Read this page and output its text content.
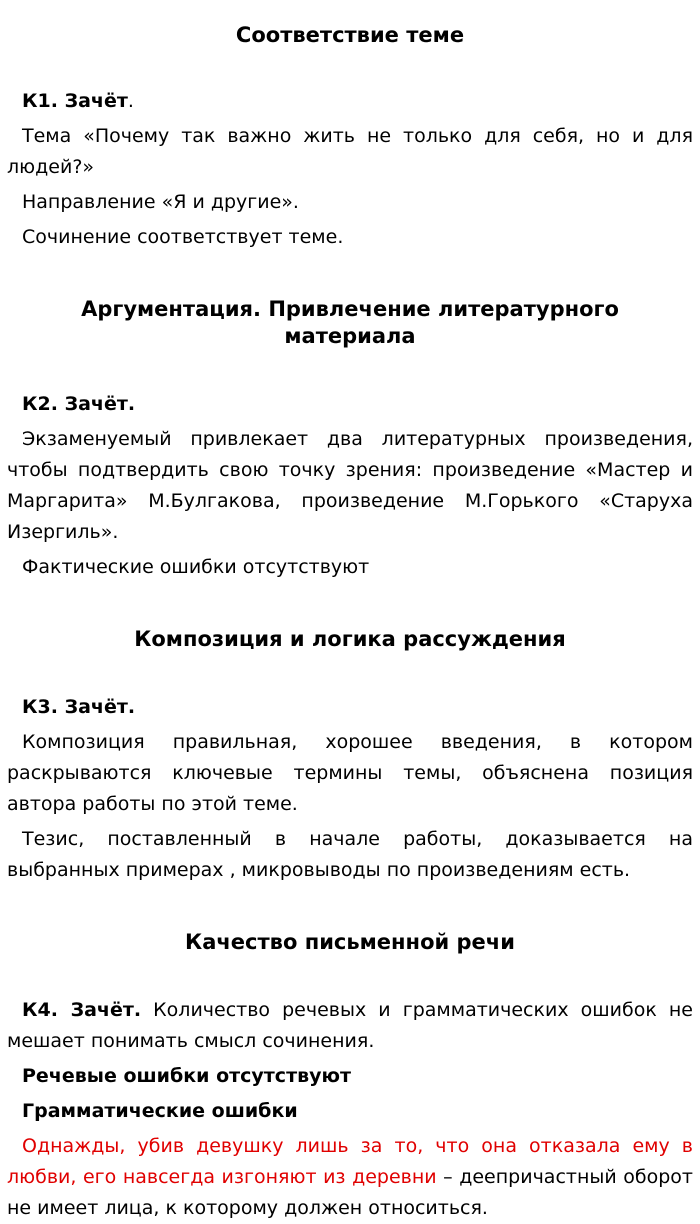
Соответствие теме

К1. Зачёт.

Тема «Почему так важно жить не только для себя, но и для людей?»

Направление «Я и другие».

Сочинение соответствует теме.

Аргументация. Привлечение литературного
материала

К2. Зачёт.

Экзаменуемый привлекает два литературных произведения, чтобы подтвердить свою точку зрения: произведение «Мастер и Маргарита» М.Булгакова, произведение М.Горького «Старуха Изергиль».

Фактические ошибки отсутствуют

Композиция и логика рассуждения

К3. Зачёт.

Композиция правильная, хорошее введения, в котором раскрываются ключевые термины темы, объяснена позиция автора работы по этой теме.

Тезис, поставленный в начале работы, доказывается на выбранных примерах , микровыводы по произведениям есть.

Качество письменной речи

К4. Зачёт. Количество речевых и грамматических ошибок не мешает понимать смысл сочинения.

Речевые ошибки отсутствуют

Грамматические ошибки

Однажды, убив девушку лишь за то, что она отказала ему в любви, его навсегда изгоняют из деревни – деепричастный оборот не имеет лица, к которому должен относиться.
